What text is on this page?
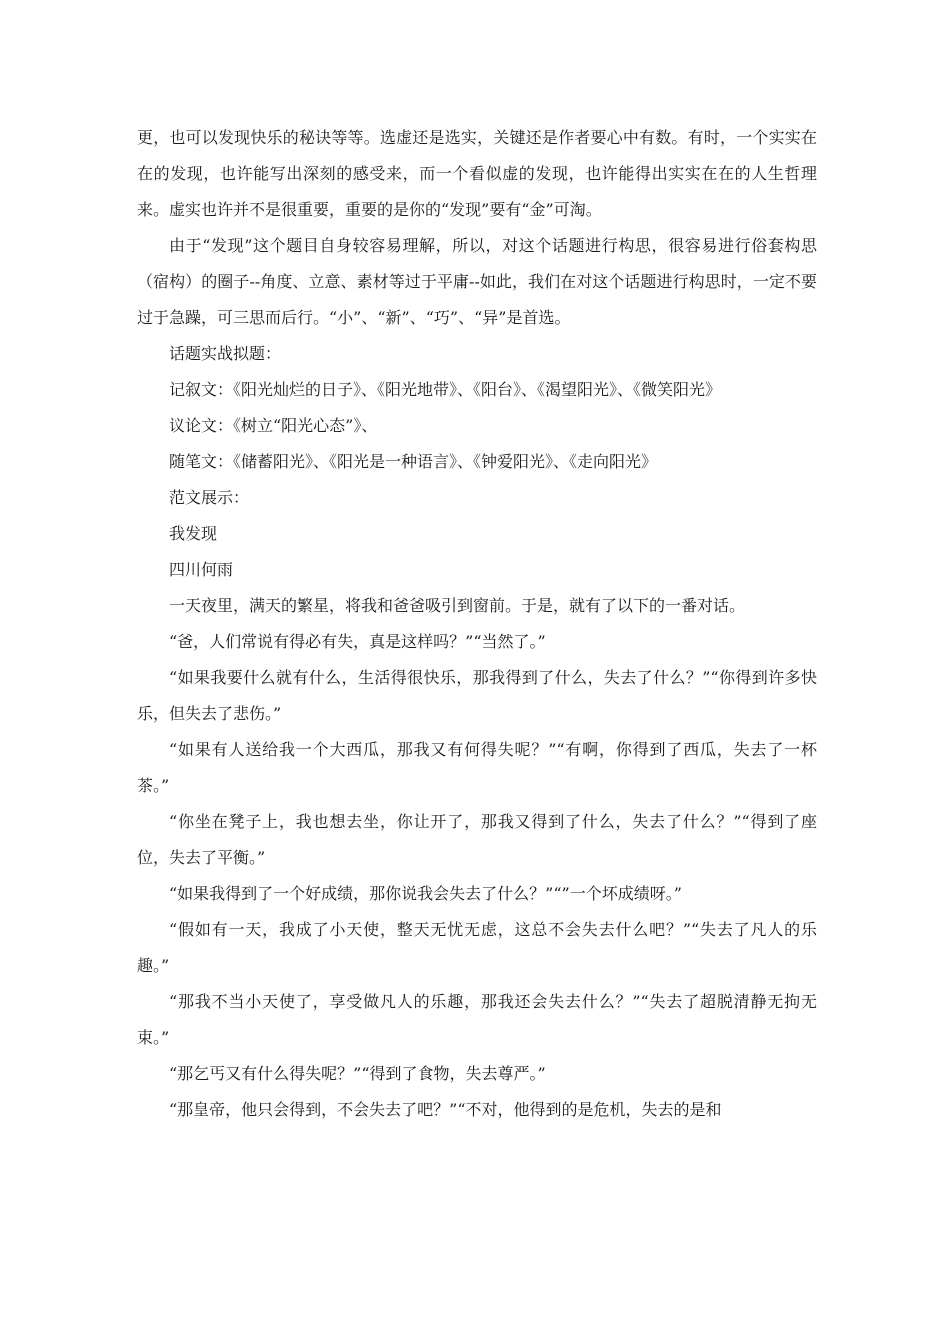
更，也可以发现快乐的秘诀等等。选虚还是选实，关键还是作者要心中有数。有时，一个实实在在的发现，也许能写出深刻的感受来，而一个看似虚的发现，也许能得出实实在在的人生哲理来。虚实也许并不是很重要，重要的是你的“发现”要有“金”可淘。

由于“发现”这个题目自身较容易理解，所以，对这个话题进行构思，很容易进行俗套构思（宿构）的圈子--角度、立意、素材等过于平庸--如此，我们在对这个话题进行构思时，一定不要过于急躁，可三思而后行。“小”、“新”、“巧”、“异”是首选。

话题实战拟题：

记叙文：《阳光灿烂的日子》、《阳光地带》、《阳台》、《渴望阳光》、《微笑阳光》

议论文：《树立“阳光心态”》、

随笔文：《储蓄阳光》、《阳光是一种语言》、《钟爱阳光》、《走向阳光》

范文展示：

我发现

四川何雨

一天夜里，满天的繁星，将我和爸爸吸引到窗前。于是，就有了以下的一番对话。

“爸，人们常说有得必有失，真是这样吗？”“当然了。”

“如果我要什么就有什么，生活得很快乐，那我得到了什么，失去了什么？”“你得到许多快乐，但失去了悲伤。”

“如果有人送给我一个大西瓜，那我又有何得失呢？”“有啊，你得到了西瓜，失去了一杯茶。”

“你坐在凳子上，我也想去坐，你让开了，那我又得到了什么，失去了什么？”“得到了座位，失去了平衡。”

“如果我得到了一个好成绩，那你说我会失去了什么？”“”一个坏成绩呀。”

“假如有一天，我成了小天使，整天无忧无虑，这总不会失去什么吧？”“失去了凡人的乐趣。”

“那我不当小天使了，享受做凡人的乐趣，那我还会失去什么？”“失去了超脱清静无拘无束。”

“那乞丐又有什么得失呢？”“得到了食物，失去尊严。”

“那皇帝，他只会得到，不会失去了吧？”“不对，他得到的是危机，失去的是和
